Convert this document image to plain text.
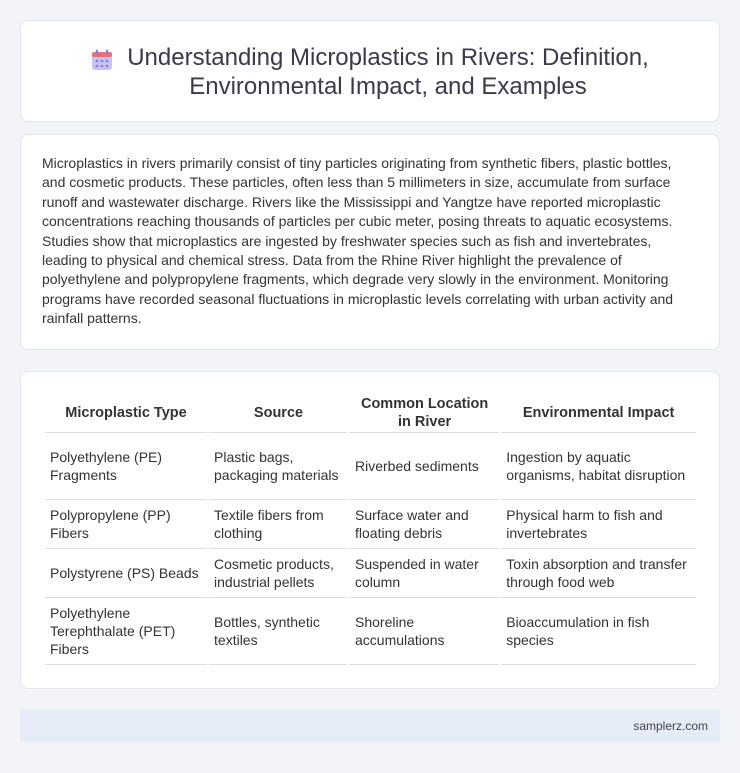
Understanding Microplastics in Rivers: Definition,
Environmental Impact, and Examples

Microplastics in rivers primarily consist of tiny particles originating from synthetic fibers, plastic bottles, and cosmetic products. These particles, often less than 5 millimeters in size, accumulate from surface runoff and wastewater discharge. Rivers like the Mississippi and Yangtze have reported microplastic concentrations reaching thousands of particles per cubic meter, posing threats to aquatic ecosystems. Studies show that microplastics are ingested by freshwater species such as fish and invertebrates, leading to physical and chemical stress. Data from the Rhine River highlight the prevalence of polyethylene and polypropylene fragments, which degrade very slowly in the environment. Monitoring programs have recorded seasonal fluctuations in microplastic levels correlating with urban activity and rainfall patterns.

Microplastic Type	Source	Common Location in River	Environmental Impact
Polyethylene (PE) Fragments	Plastic bags, packaging materials	Riverbed sediments	Ingestion by aquatic organisms, habitat disruption
Polypropylene (PP) Fibers	Textile fibers from clothing	Surface water and floating debris	Physical harm to fish and invertebrates
Polystyrene (PS) Beads	Cosmetic products, industrial pellets	Suspended in water column	Toxin absorption and transfer through food web
Polyethylene Terephthalate (PET) Fibers	Bottles, synthetic textiles	Shoreline accumulations	Bioaccumulation in fish species
samplerz.com
